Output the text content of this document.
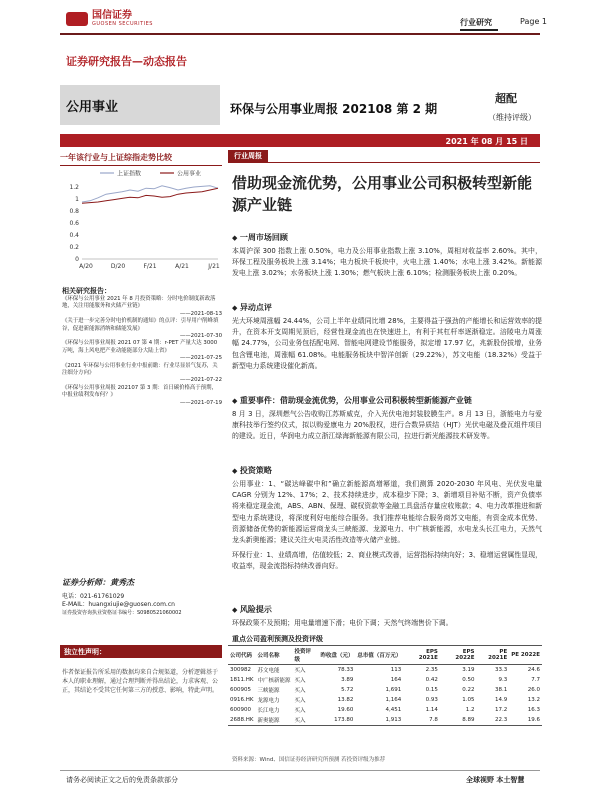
国信证券
GUOSEN SECURITIES	行业研究	Page 1
证券研究报告—动态报告
公用事业	环保与公用事业周报 202108 第 2 期
超配
（维持评级）
2021 年 08 月 15 日
一年该行业与上证综指走势比较	行业周报
上证指数	公用事业
0
0.2
0.4
0.6
0.8
1
1.2
A/20	D/20	F/21	A/21	J/21
相关研究报告：
《环保与公用事业 2021 年 8 月投资策略：分时电价制度新政落地，关注用能服务和火储产业链》
——2021-08-13
《关于进一步完善分时电价机制的通知》的点评：引导用户削峰填谷，促进新能源消纳和储能发展》
——2021-07-30
《环保与公用事业周报 2021 07 第 4 期：r-PET 产量大达 3000 万吨，海上风电把产业动能能部分大陆上省》
——2021-07-25
《2021 年环保与公用事业行业中报前瞻：行业尽显景气复苏，关注细分方向》
——2021-07-22
《环保与公用事业周报 202107 第 3 期：首日碳价格高于预期，中报业绩利发布何？》
——2021-07-19
证券分析师：黄秀杰
电话：021-61761029
E-MAIL：huangxiujie@guosen.com.cn
证券投资咨询执业资格证书编号：S0980521060002
独立性声明：
作者保证报告所采用的数据均来自合规渠道，分析逻辑基于本人的职业理解，通过合理判断并得出结论，力求客观、公正，其结论不受其它任何第三方的授意、影响，特此声明。
借助现金流优势，公用事业公司积极转型新能源产业链
◆ 一周市场回顾
本周沪深 300 指数上涨 0.50%，电力及公用事业指数上涨 3.10%，周相对收益率 2.60%。其中，环保工程及服务板块上涨 3.14%；电力板块千板块中，火电上涨 1.40%；水电上涨 3.42%。新能源发电上涨 3.02%；水务板块上涨 1.30%；燃气板块上涨 6.10%；检测服务板块上涨 0.20%。
◆ 异动点评
光大环境周涨幅 24.44%，公司上半年业绩同比增 28%，主要得益于强劲的产能增长和运营效率的提升，在资本开支周期见顶后，经营性现金流也在快速进上，有利于其杠杆率逐渐稳定。涪陵电力周涨幅 24.77%，公司业务包括配电网、智能电网建设节能服务，拟定增 17.97 亿，兆新股份拔增，业务包含锂电池，周涨幅 61.08%。电能服务板块中智洋创新（29.22%），苏文电能（18.32%）受益于新型电力系统建设催化新高。
◆ 重要事件：借助现金流优势，公用事业公司积极转型新能源产业链
8 月 3 日，深圳燃气公告收购江苏斯威克，介入光伏电池封装胶膜生产。8 月 13 日，浙能电力与爱康科技举行签约仪式，拟以购爱康电力 20%股权，进行合数异质结（HJT）光伏电磁及叠瓦组件项目的建设。近日，华润电力成立浙江绿海新能源有限公司，拉进行新光能源技术研发等。
◆ 投资策略
公用事业：1、“碳达峰碳中和”确立新能源高增幂道，我们测算 2020-2030 年风电、光伏发电量 CAGR 分别为 12%、17%；2、技术持续进步，成本稳步下降；3、新增项目补贴不断，资产负债率将来稳定现金流，ABS、ABN、保理、碳权资款等金融工具盘活存量应收账款；4、电力改革推进和新型电力系统建设，将深度利好电能综合服务。我们推荐电能综合服务商苏文电能，有资金成本优势、资源储备优势的新能源运营商龙头三峡能源、龙源电力、中广核新能源，水电龙头长江电力，天然气龙头新奥能源；建议关注火电灵活性改造等火储产业链。
环保行业：1、业绩高增，估值较低；2、商业模式改善，运营指标持续向好；3、稳增运营属性显现，收益率，现金流指标持续改善向好。
◆ 风险提示
环保政策不及预期；用电量增速下滑；电价下调；天然气终端售价下调。
重点公司盈利预测及投资评级
公司代码	公司名称	投资评级	昨收盘（元）	总市值（百万元）	EPS 2021E	EPS 2022E	PE 2021E	PE 2022E
300982	苏文电能	买入	78.33	113	2.35	3.19	33.3	24.6
1811.HK	中广核新能源	买入	3.89	164	0.42	0.50	9.3	7.7
600905	三峡能源	买入	5.72	1,691	0.15	0.22	38.1	26.0
0916.HK	龙源电力	买入	13.82	1,164	0.93	1.05	14.9	13.2
600900	长江电力	买入	19.60	4,451	1.14	1.2	17.2	16.3
2688.HK	新奥能源	买入	173.80	1,913	7.8	8.89	22.3	19.6
资料来源：Wind、国信证券经济研究所预测 若投资评级为推荐
请务必阅读正文之后的免责条款部分	全球视野 本土智慧
